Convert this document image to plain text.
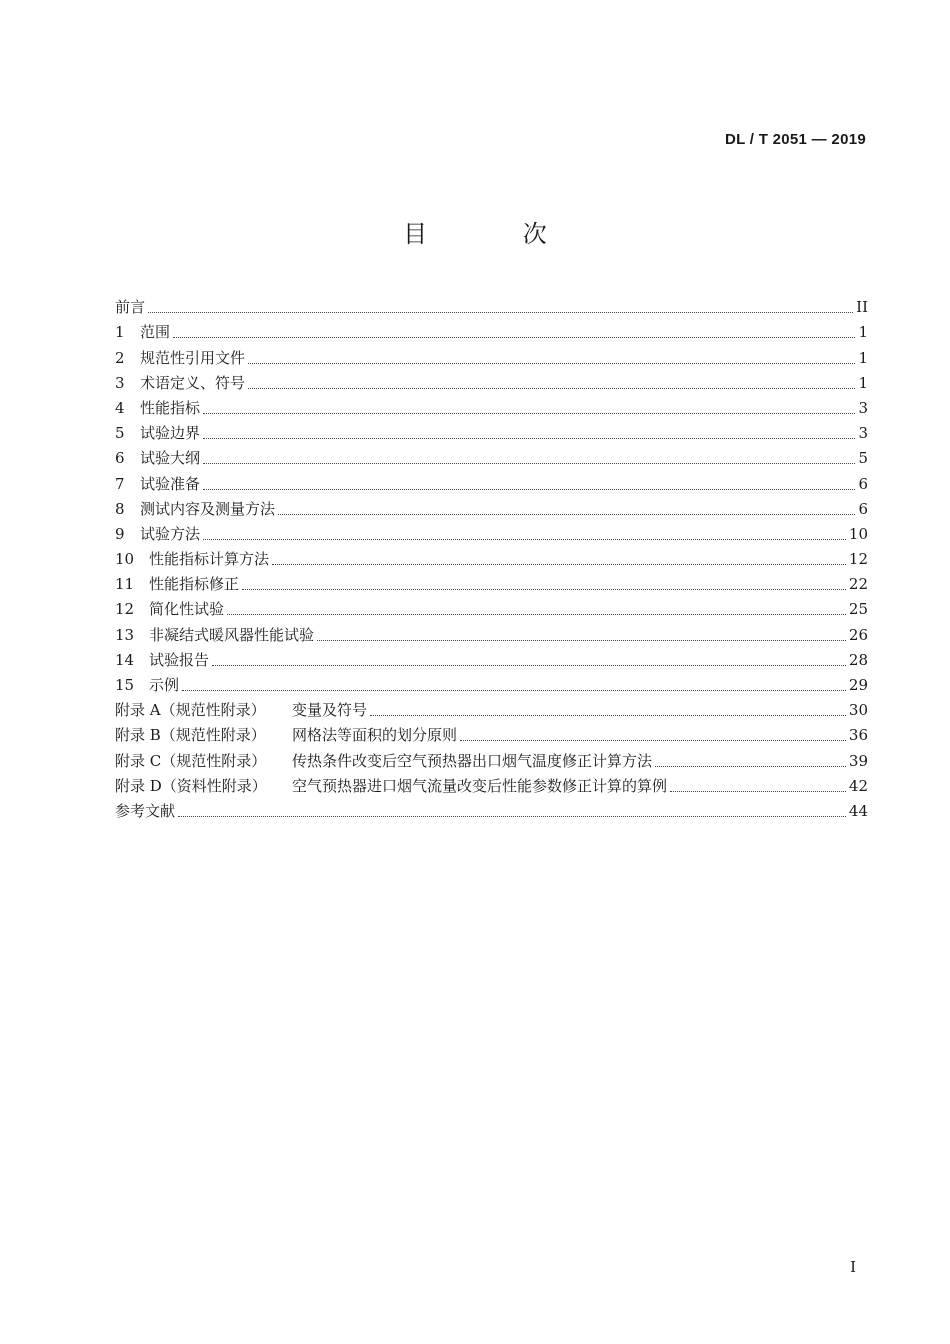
DL / T 2051 — 2019
目 次
前言	II
1	范围	1
2	规范性引用文件	1
3	术语定义、符号	1
4	性能指标	3
5	试验边界	3
6	试验大纲	5
7	试验准备	6
8	测试内容及测量方法	6
9	试验方法	10
10 性能指标计算方法	12
11 性能指标修正	22
12 简化性试验	25
13 非凝结式暖风器性能试验	26
14 试验报告	28
15 示例	29
附录 A（规范性附录）	变量及符号	30
附录 B（规范性附录）	网格法等面积的划分原则	36
附录 C（规范性附录）	传热条件改变后空气预热器出口烟气温度修正计算方法	39
附录 D（资料性附录）	空气预热器进口烟气流量改变后性能参数修正计算的算例	42
参考文献	44
I
